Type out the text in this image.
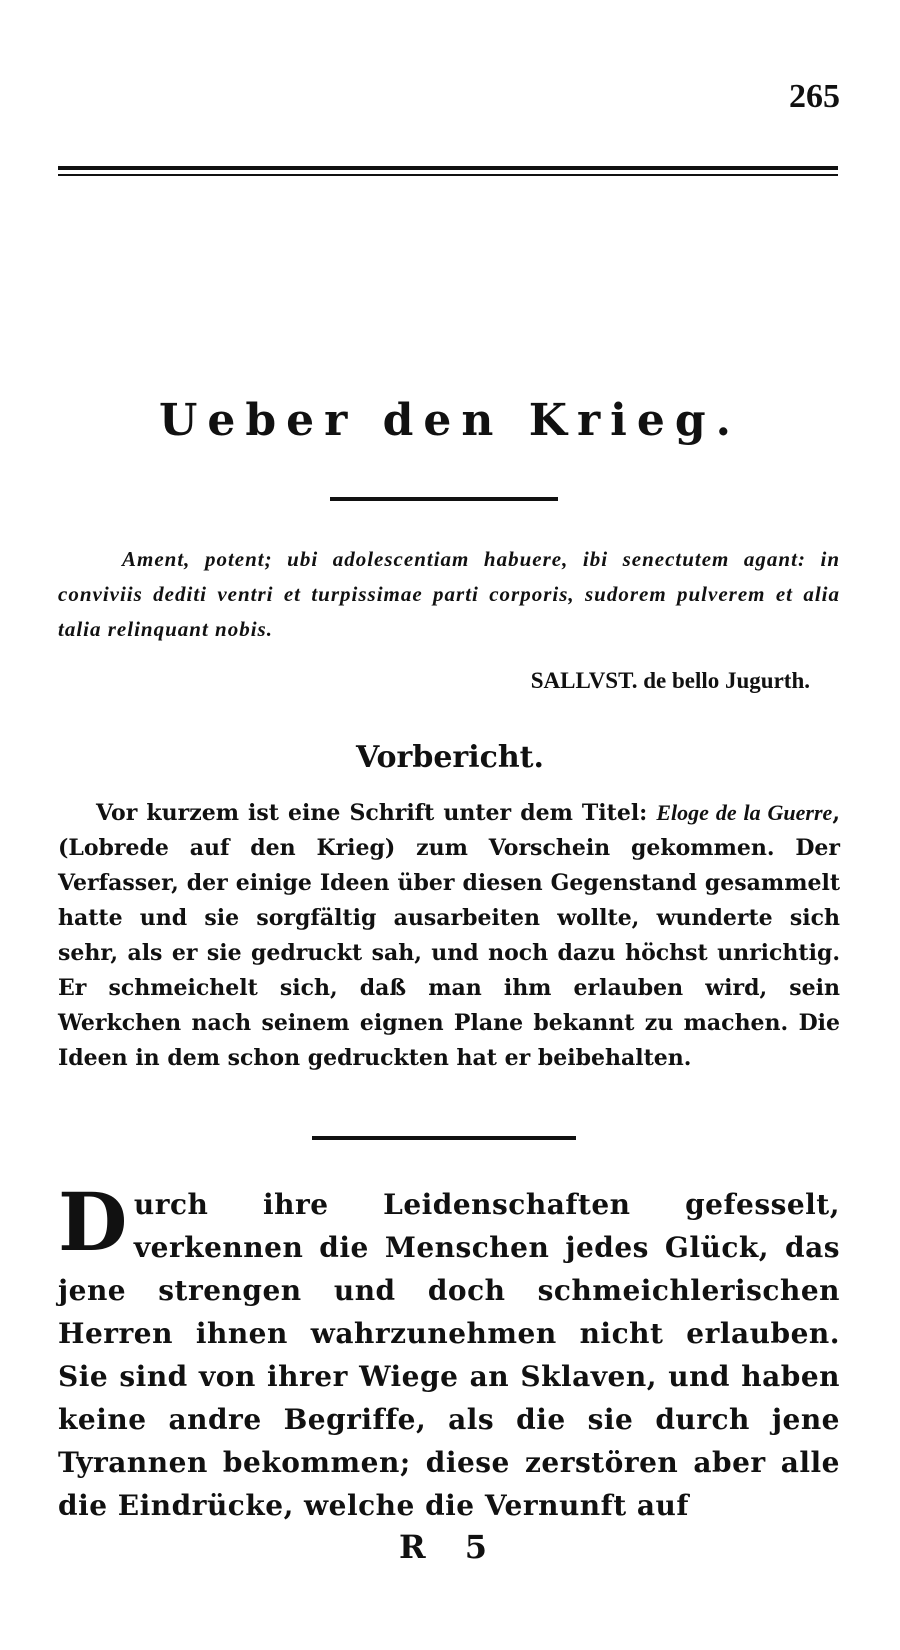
265
Ueber den Krieg.
Ament, potent; ubi adolescentiam habuere, ibi senectutem agant: in conviviis dediti ventri et turpissimae parti corporis, sudorem pulverem et alia talia relinquant nobis.
SALLVST. de bello Jugurth.
Vorbericht.

Vor kurzem ist eine Schrift unter dem Titel: Eloge de la Guerre, (Lobrede auf den Krieg) zum Vorschein gekommen. Der Verfasser, der einige Ideen über diesen Gegenstand gesammelt hatte und sie sorgfältig ausarbeiten wollte, wunderte sich sehr, als er sie gedruckt sah, und noch dazu höchst unrichtig. Er schmeichelt sich, daß man ihm erlauben wird, sein Werkchen nach seinem eignen Plane bekannt zu machen. Die Ideen in dem schon gedruckten hat er beibehalten.

Durch ihre Leidenschaften gefesselt, verkennen die Menschen jedes Glück, das jene strengen und doch schmeichlerischen Herren ihnen wahrzunehmen nicht erlauben. Sie sind von ihrer Wiege an Sklaven, und haben keine andre Begriffe, als die sie durch jene Tyrannen bekommen; diese zerstören aber alle die Eindrücke, welche die Vernunft auf

R 5
